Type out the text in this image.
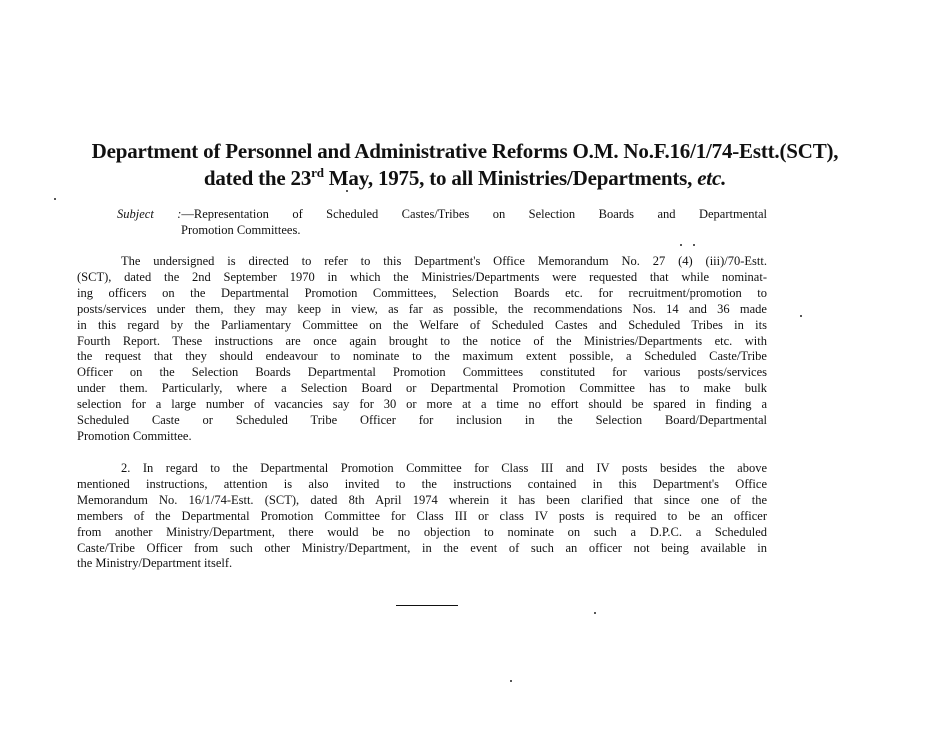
Department of Personnel and Administrative Reforms O.M. No.F.16/1/74-Estt.(SCT),
dated the 23rd May, 1975, to all Ministries/Departments, etc.
Subject :—Representation of Scheduled Castes/Tribes on Selection Boards and Departmental
Promotion Committees.
The undersigned is directed to refer to this Department's Office Memorandum No. 27 (4) (iii)/70-Estt.
(SCT), dated the 2nd September 1970 in which the Ministries/Departments were requested that while nominat-
ing officers on the Departmental Promotion Committees, Selection Boards etc. for recruitment/promotion to
posts/services under them, they may keep in view, as far as possible, the recommendations Nos. 14 and 36 made
in this regard by the Parliamentary Committee on the Welfare of Scheduled Castes and Scheduled Tribes in its
Fourth Report. These instructions are once again brought to the notice of the Ministries/Departments etc. with
the request that they should endeavour to nominate to the maximum extent possible, a Scheduled Caste/Tribe
Officer on the Selection Boards Departmental Promotion Committees constituted for various posts/services
under them. Particularly, where a Selection Board or Departmental Promotion Committee has to make bulk
selection for a large number of vacancies say for 30 or more at a time no effort should be spared in finding a
Scheduled Caste or Scheduled Tribe Officer for inclusion in the Selection Board/Departmental
Promotion Committee.
2. In regard to the Departmental Promotion Committee for Class III and IV posts besides the above
mentioned instructions, attention is also invited to the instructions contained in this Department's Office
Memorandum No. 16/1/74-Estt. (SCT), dated 8th April 1974 wherein it has been clarified that since one of the
members of the Departmental Promotion Committee for Class III or class IV posts is required to be an officer
from another Ministry/Department, there would be no objection to nominate on such a D.P.C. a Scheduled
Caste/Tribe Officer from such other Ministry/Department, in the event of such an officer not being available in
the Ministry/Department itself.
